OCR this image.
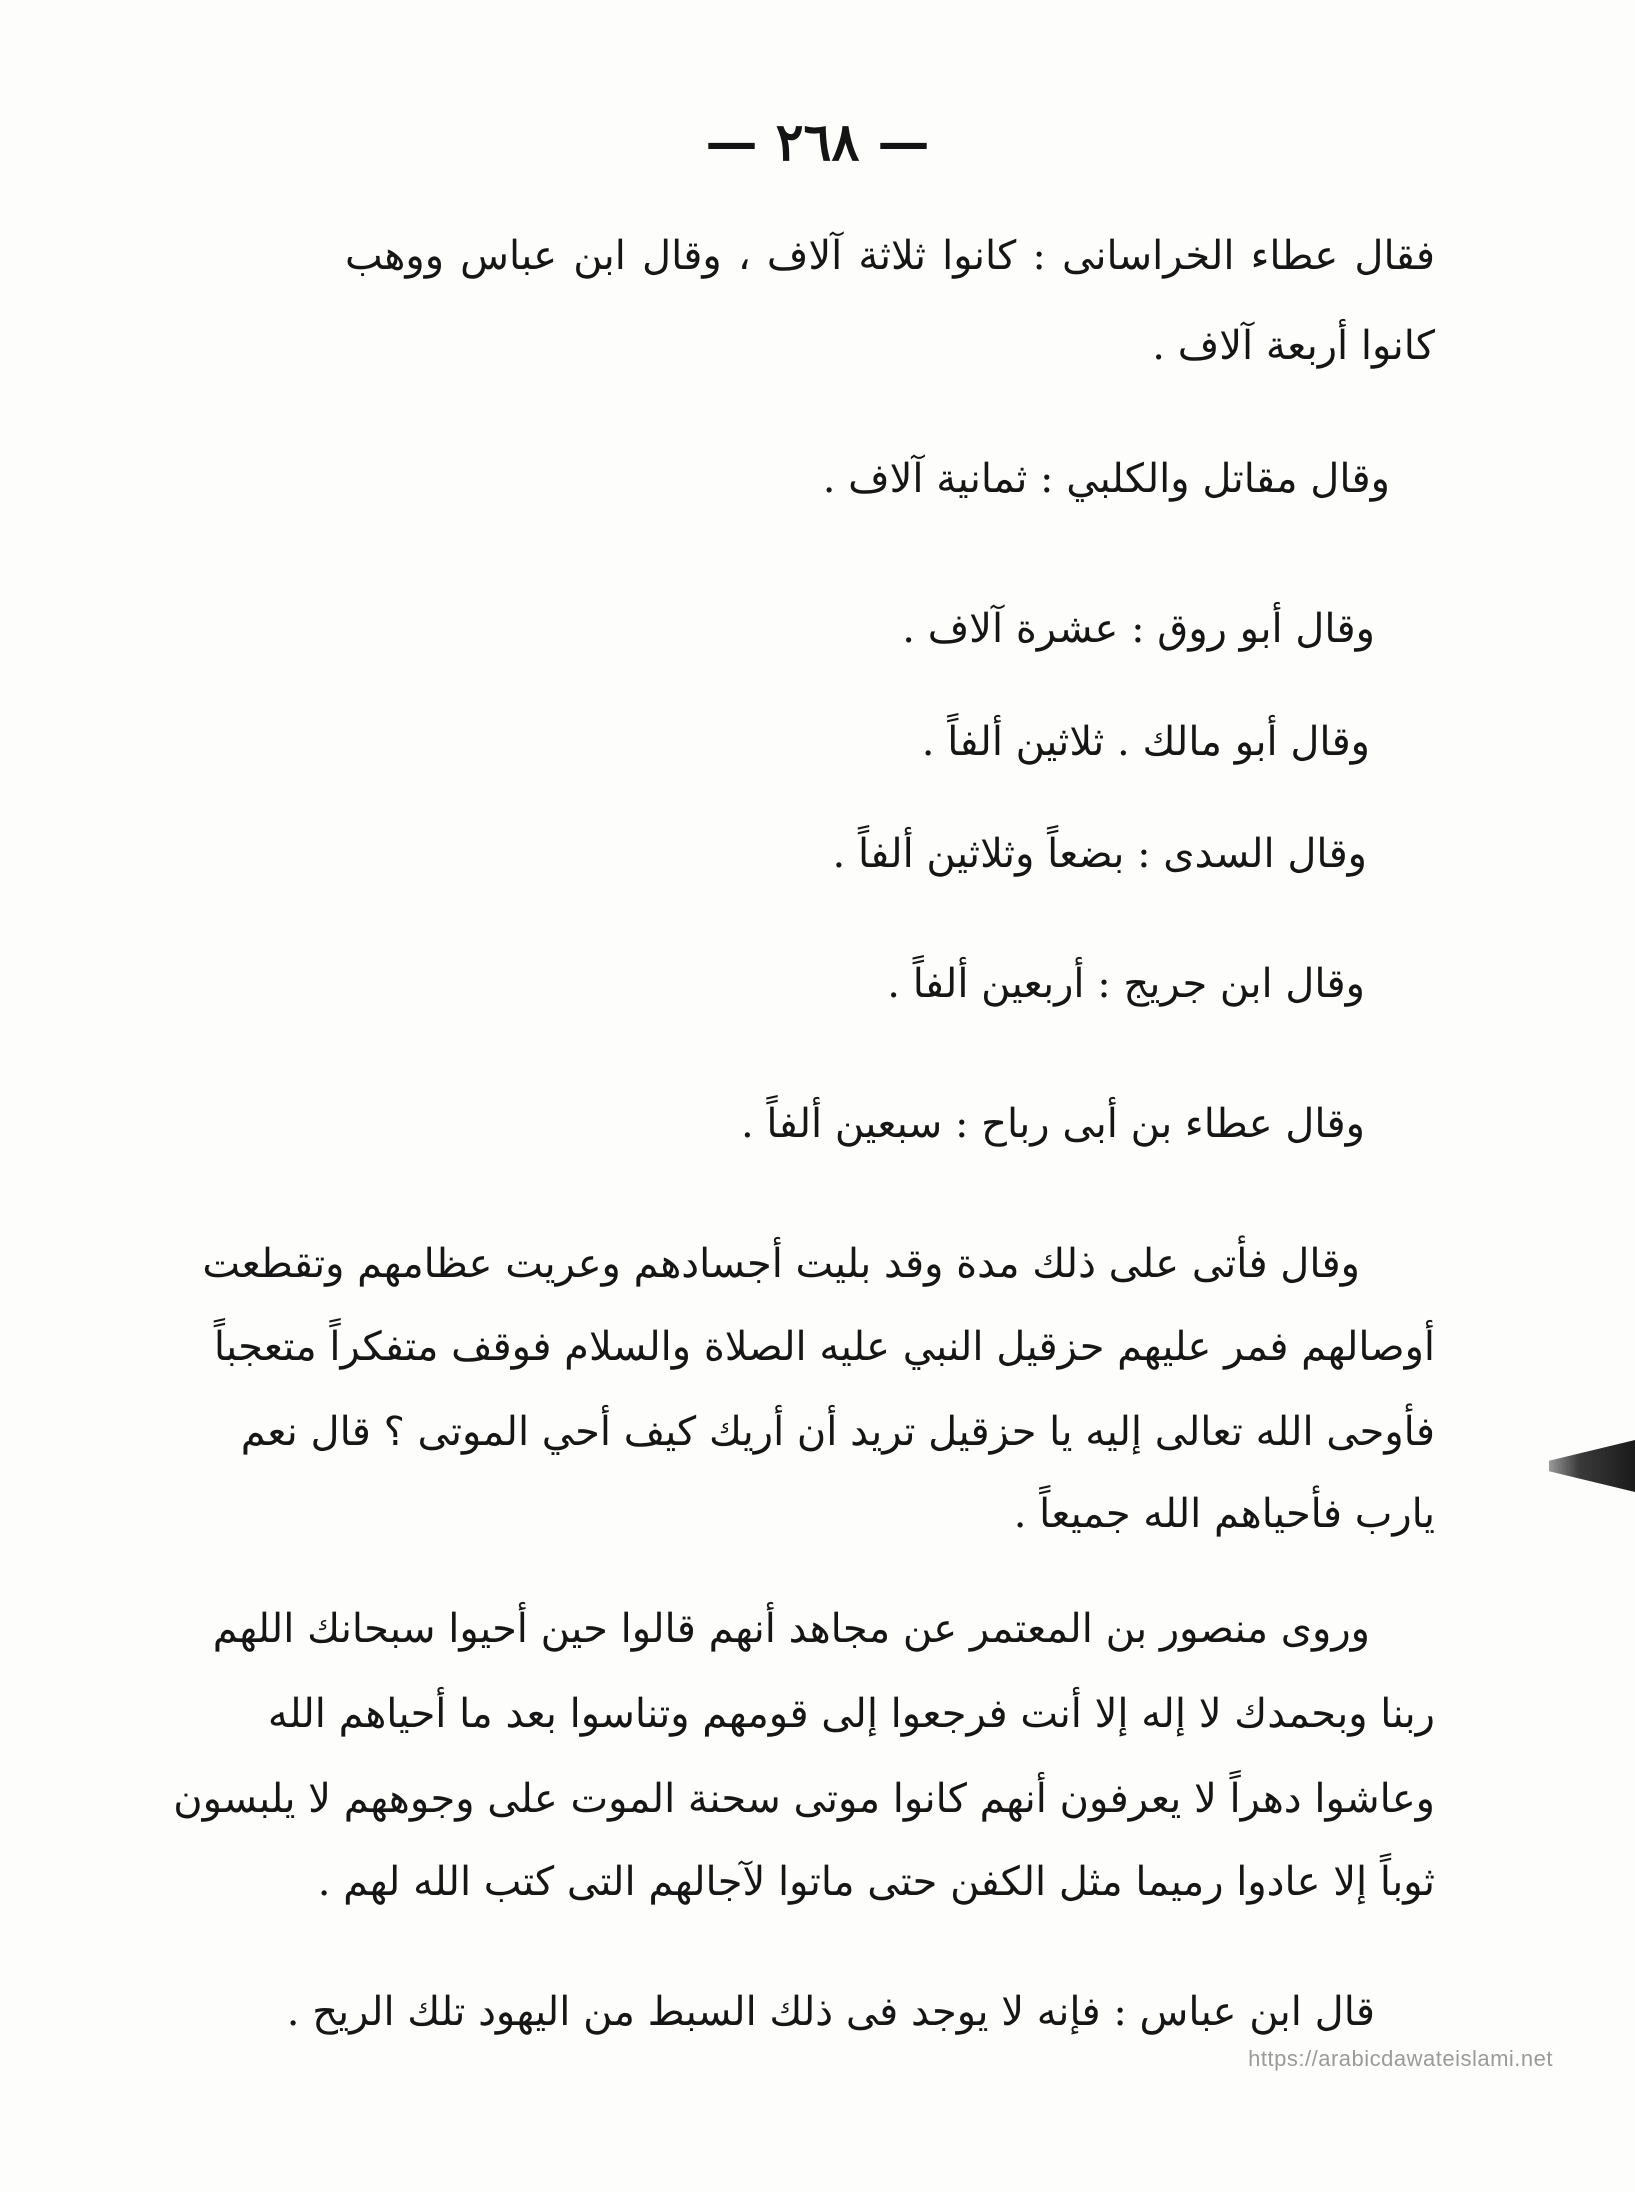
— ٢٦٨ —
فقال عطاء الخراسانى : كانوا ثلاثة آلاف ، وقال ابن عباس ووهب
كانوا أربعة آلاف .
وقال مقاتل والكلبي : ثمانية آلاف .
وقال أبو روق : عشرة آلاف .
وقال أبو مالك . ثلاثين ألفاً .
وقال السدى : بضعاً وثلاثين ألفاً .
وقال ابن جريج : أربعين ألفاً .
وقال عطاء بن أبى رباح : سبعين ألفاً .
وقال فأتى على ذلك مدة وقد بليت أجسادهم وعريت عظامهم وتقطعت
أوصالهم فمر عليهم حزقيل النبي عليه الصلاة والسلام فوقف متفكراً متعجباً
فأوحى الله تعالى إليه يا حزقيل تريد أن أريك كيف أحي الموتى ؟ قال نعم
يارب فأحياهم الله جميعاً .
وروى منصور بن المعتمر عن مجاهد أنهم قالوا حين أحيوا سبحانك اللهم
ربنا وبحمدك لا إله إلا أنت فرجعوا إلى قومهم وتناسوا بعد ما أحياهم الله
وعاشوا دهراً لا يعرفون أنهم كانوا موتى سحنة الموت على وجوههم لا يلبسون
ثوباً إلا عادوا رميما مثل الكفن حتى ماتوا لآجالهم التى كتب الله لهم .
قال ابن عباس : فإنه لا يوجد فى ذلك السبط من اليهود تلك الريح .
https://arabicdawateislami.net
